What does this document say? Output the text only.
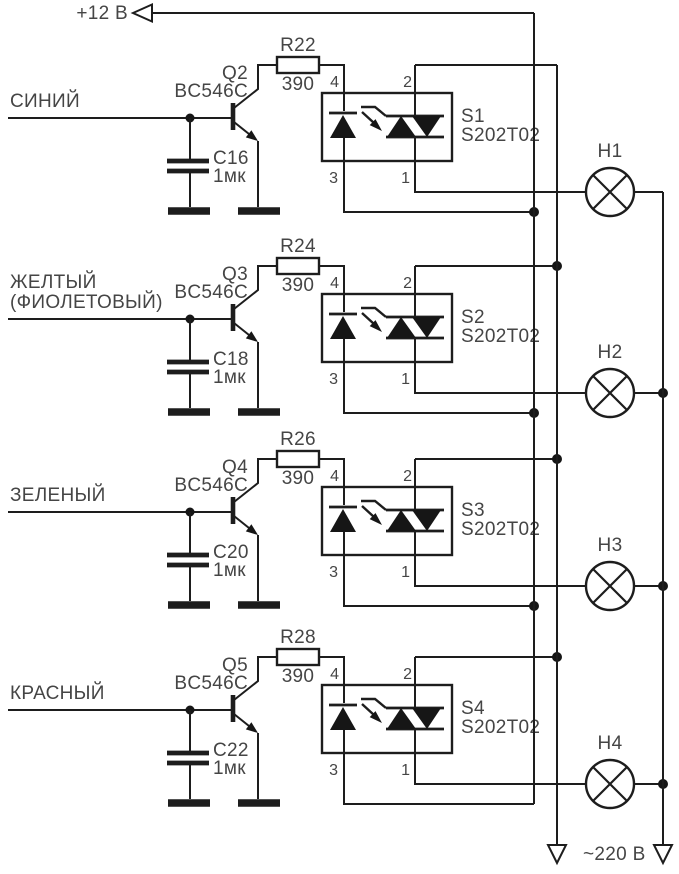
СИНИЙ
C16
1мк
Q2
BC546C
R22
390 4
3
2
1
S1
S202T02
H1
ЖЕЛТЫЙ
(ФИОЛЕТОВЫЙ)
C18
1мк
Q3
BC546C
R24
390 4
3
2
1
S2
S202T02
H2
ЗЕЛЕНЫЙ
C20
1мк
Q4
BC546C
R26
390 4
3
2
1
S3
S202T02
H3
КРАСНЫЙ
C22
1мк
Q5
BC546C
R28
390 4
3
2
1
S4
S202T02
H4
+12 В
~220 В
